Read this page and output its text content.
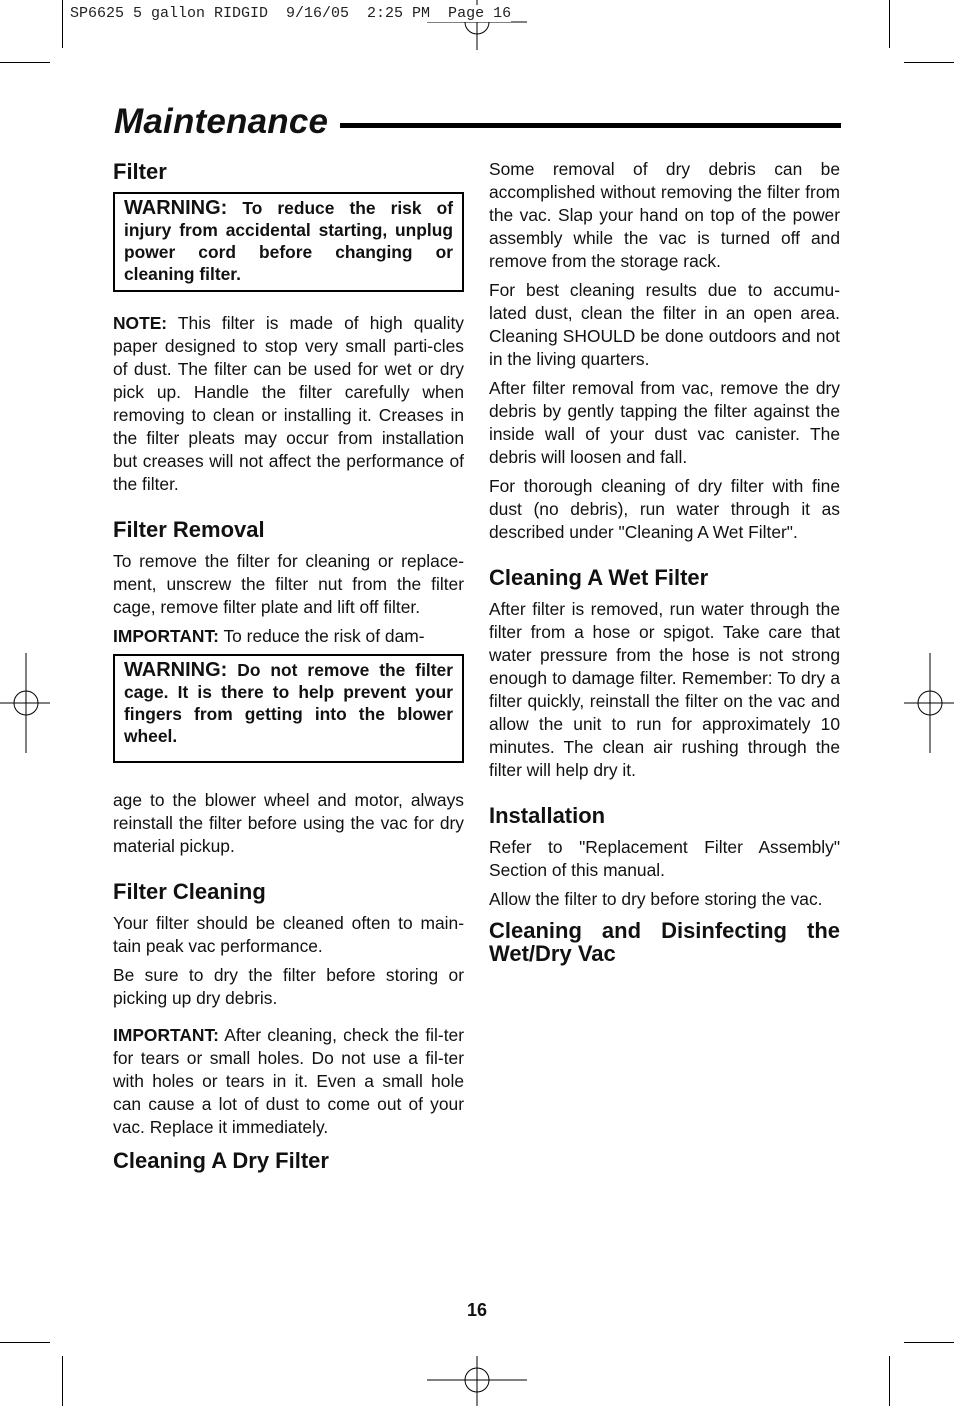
SP6625 5 gallon RIDGID  9/16/05  2:25 PM  Page 16
Maintenance
Filter
WARNING: To reduce the risk of injury from accidental starting, unplug power cord before changing or cleaning filter.

NOTE: This filter is made of high quality paper designed to stop very small parti-cles of dust. The filter can be used for wet or dry pick up. Handle the filter carefully when removing to clean or installing it. Creases in the filter pleats may occur from installation but creases will not affect the performance of the filter.

Filter Removal

To remove the filter for cleaning or replace-ment, unscrew the filter nut from the filter cage, remove filter plate and lift off filter.

IMPORTANT: To reduce the risk of dam-

WARNING: Do not remove the filter cage. It is there to help prevent your fingers from getting into the blower wheel.

age to the blower wheel and motor, always reinstall the filter before using the vac for dry material pickup.

Filter Cleaning

Your filter should be cleaned often to main-tain peak vac performance.

Be sure to dry the filter before storing or picking up dry debris.

IMPORTANT: After cleaning, check the fil-ter for tears or small holes. Do not use a fil-ter with holes or tears in it. Even a small hole can cause a lot of dust to come out of your vac. Replace it immediately.

Cleaning A Dry Filter

Some removal of dry debris can be accomplished without removing the filter from the vac. Slap your hand on top of the power assembly while the vac is turned off and remove from the storage rack.

For best cleaning results due to accumu-lated dust, clean the filter in an open area. Cleaning SHOULD be done outdoors and not in the living quarters.

After filter removal from vac, remove the dry debris by gently tapping the filter against the inside wall of your dust vac canister. The debris will loosen and fall.

For thorough cleaning of dry filter with fine dust (no debris), run water through it as described under "Cleaning A Wet Filter".

Cleaning A Wet Filter

After filter is removed, run water through the filter from a hose or spigot. Take care that water pressure from the hose is not strong enough to damage filter. Remember: To dry a filter quickly, reinstall the filter on the vac and allow the unit to run for approximately 10 minutes. The clean air rushing through the filter will help dry it.

Installation

Refer to "Replacement Filter Assembly" Section of this manual.

Allow the filter to dry before storing the vac.

Cleaning and Disinfecting the Wet/Dry Vac
16
